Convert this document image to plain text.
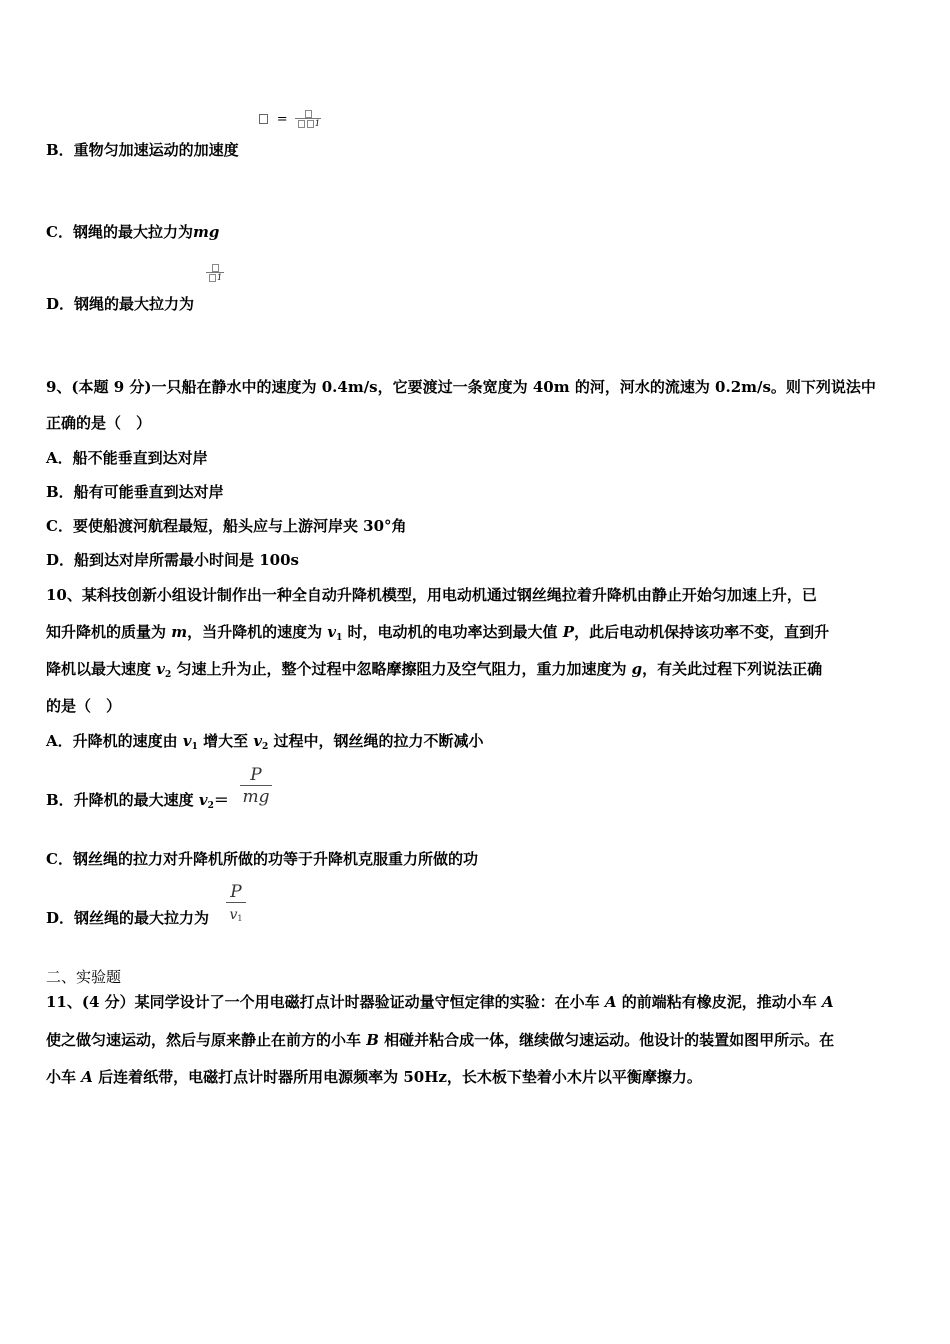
=	1
B．重物匀加速运动的加速度
C．钢绳的最大拉力为mg
1
D．钢绳的最大拉力为
9、(本题 9 分)一只船在静水中的速度为 0.4m/s，它要渡过一条宽度为 40m 的河，河水的流速为 0.2m/s。则下列说法中
正确的是（　）
A．船不能垂直到达对岸
B．船有可能垂直到达对岸
C．要使船渡河航程最短，船头应与上游河岸夹 30°角
D．船到达对岸所需最小时间是 100s
10、某科技创新小组设计制作出一种全自动升降机模型，用电动机通过钢丝绳拉着升降机由静止开始匀加速上升，已
知升降机的质量为 m，当升降机的速度为 $v_1$ 时，电动机的电功率达到最大值 P，此后电动机保持该功率不变，直到升
降机以最大速度 $v_2$ 匀速上升为止，整个过程中忽略摩擦阻力及空气阻力，重力加速度为 g，有关此过程下列说法正确
的是（　）
A．升降机的速度由 $v_1$ 增大至 $v_2$ 过程中，钢丝绳的拉力不断减小
B．升降机的最大速度 $v_2=$
P
mg
C．钢丝绳的拉力对升降机所做的功等于升降机克服重力所做的功
D．钢丝绳的最大拉力为
P
v1
二、实验题
11、(4 分）某同学设计了一个用电磁打点计时器验证动量守恒定律的实验：在小车 A 的前端粘有橡皮泥，推动小车 A
使之做匀速运动，然后与原来静止在前方的小车 B 相碰并粘合成一体，继续做匀速运动。他设计的装置如图甲所示。在
小车 A 后连着纸带，电磁打点计时器所用电源频率为 50Hz，长木板下垫着小木片以平衡摩擦力。
